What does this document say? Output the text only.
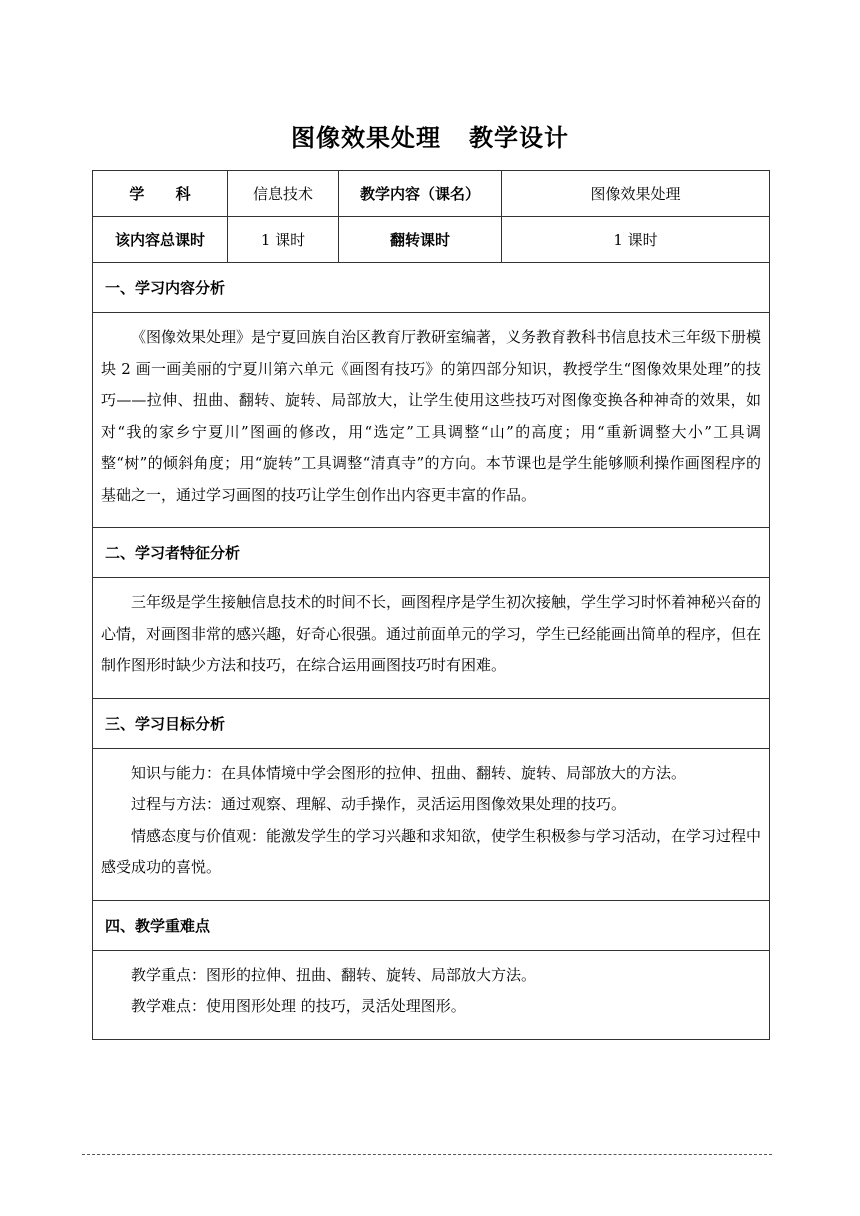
图像效果处理   教学设计
学      科	信息技术	教学内容（课名）	图像效果处理
该内容总课时	1 课时	翻转课时	1 课时
一、学习内容分析			

《图像效果处理》是宁夏回族自治区教育厅教研室编著，义务教育教科书信息技术三年级下册模块 2 画一画美丽的宁夏川第六单元《画图有技巧》的第四部分知识，教授学生“图像效果处理”的技巧——拉伸、扭曲、翻转、旋转、局部放大，让学生使用这些技巧对图像变换各种神奇的效果，如对“我的家乡宁夏川”图画的修改，用“选定”工具调整“山”的高度；用“重新调整大小”工具调整“树”的倾斜角度；用“旋转”工具调整“清真寺”的方向。本节课也是学生能够顺利操作画图程序的基础之一，通过学习画图的技巧让学生创作出内容更丰富的作品。			

二、学习者特征分析			

三年级是学生接触信息技术的时间不长，画图程序是学生初次接触，学生学习时怀着神秘兴奋的心情，对画图非常的感兴趣，好奇心很强。通过前面单元的学习，学生已经能画出简单的程序，但在制作图形时缺少方法和技巧，在综合运用画图技巧时有困难。			

三、学习目标分析			

知识与能力：在具体情境中学会图形的拉伸、扭曲、翻转、旋转、局部放大的方法。

过程与方法：通过观察、理解、动手操作，灵活运用图像效果处理的技巧。

情感态度与价值观：能激发学生的学习兴趣和求知欲，使学生积极参与学习活动，在学习过程中感受成功的喜悦。			

四、教学重难点			

教学重点：图形的拉伸、扭曲、翻转、旋转、局部放大方法。

教学难点：使用图形处理 的技巧，灵活处理图形。			
